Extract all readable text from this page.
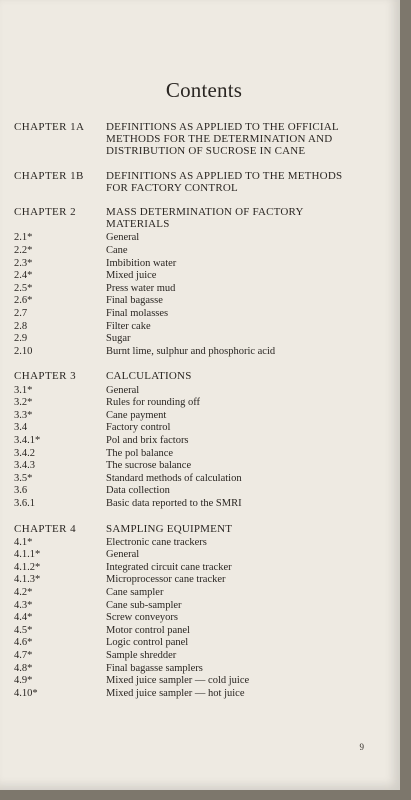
Contents
CHAPTER 1A	DEFINITIONS AS APPLIED TO THE OFFICIAL
METHODS FOR THE DETERMINATION AND
DISTRIBUTION OF SUCROSE IN CANE
CHAPTER 1B	DEFINITIONS AS APPLIED TO THE METHODS
FOR FACTORY CONTROL
CHAPTER 2	MASS DETERMINATION OF FACTORY
MATERIALS
2.1*	General
2.2*	Cane
2.3*	Imbibition water
2.4*	Mixed juice
2.5*	Press water mud
2.6*	Final bagasse
2.7	Final molasses
2.8	Filter cake
2.9	Sugar
2.10	Burnt lime, sulphur and phosphoric acid
CHAPTER 3	CALCULATIONS
3.1*	General
3.2*	Rules for rounding off
3.3*	Cane payment
3.4	Factory control
3.4.1*	Pol and brix factors
3.4.2	The pol balance
3.4.3	The sucrose balance
3.5*	Standard methods of calculation
3.6	Data collection
3.6.1	Basic data reported to the SMRI
CHAPTER 4	SAMPLING EQUIPMENT
4.1*	Electronic cane trackers
4.1.1*	General
4.1.2*	Integrated circuit cane tracker
4.1.3*	Microprocessor cane tracker
4.2*	Cane sampler
4.3*	Cane sub-sampler
4.4*	Screw conveyors
4.5*	Motor control panel
4.6*	Logic control panel
4.7*	Sample shredder
4.8*	Final bagasse samplers
4.9*	Mixed juice sampler — cold juice
4.10*	Mixed juice sampler — hot juice
9
